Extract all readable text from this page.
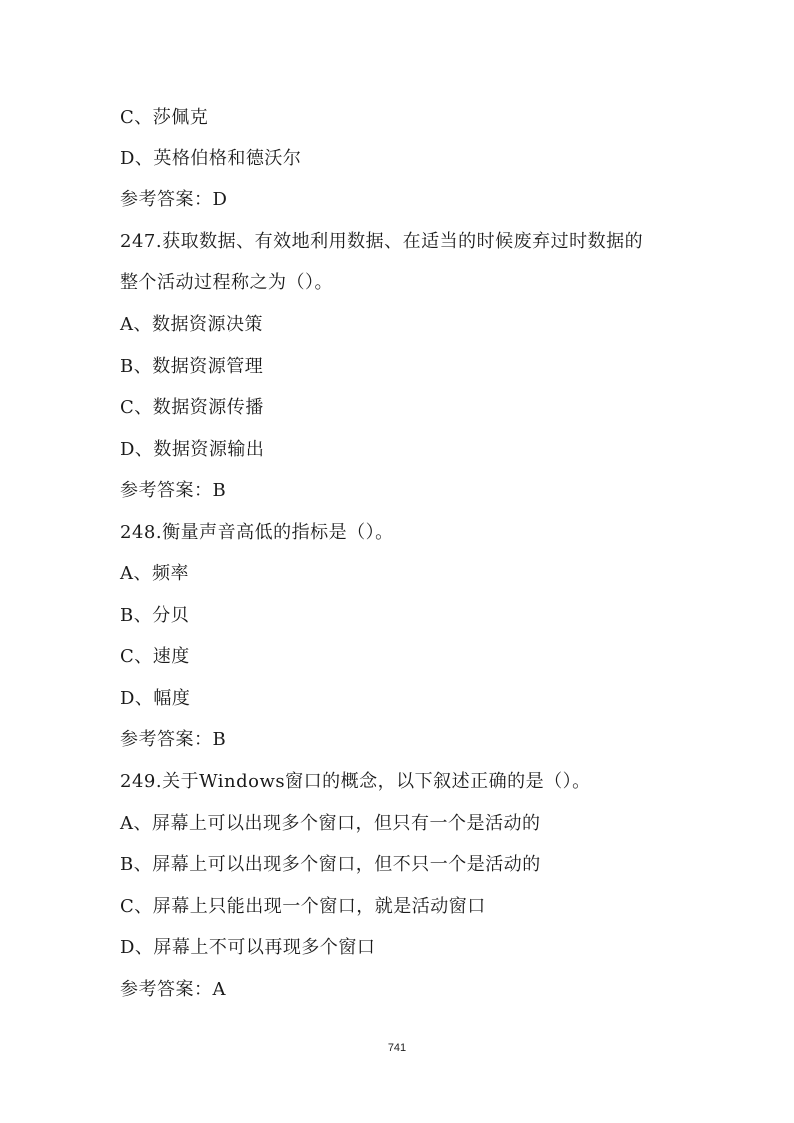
C、莎佩克
D、英格伯格和德沃尔
参考答案：D
247.获取数据、有效地利用数据、在适当的时候废弃过时数据的
整个活动过程称之为（）。
A、数据资源决策
B、数据资源管理
C、数据资源传播
D、数据资源输出
参考答案：B
248.衡量声音高低的指标是（）。
A、频率
B、分贝
C、速度
D、幅度
参考答案：B
249.关于Windows窗口的概念，以下叙述正确的是（）。
A、屏幕上可以出现多个窗口，但只有一个是活动的
B、屏幕上可以出现多个窗口，但不只一个是活动的
C、屏幕上只能出现一个窗口，就是活动窗口
D、屏幕上不可以再现多个窗口
参考答案：A
741
